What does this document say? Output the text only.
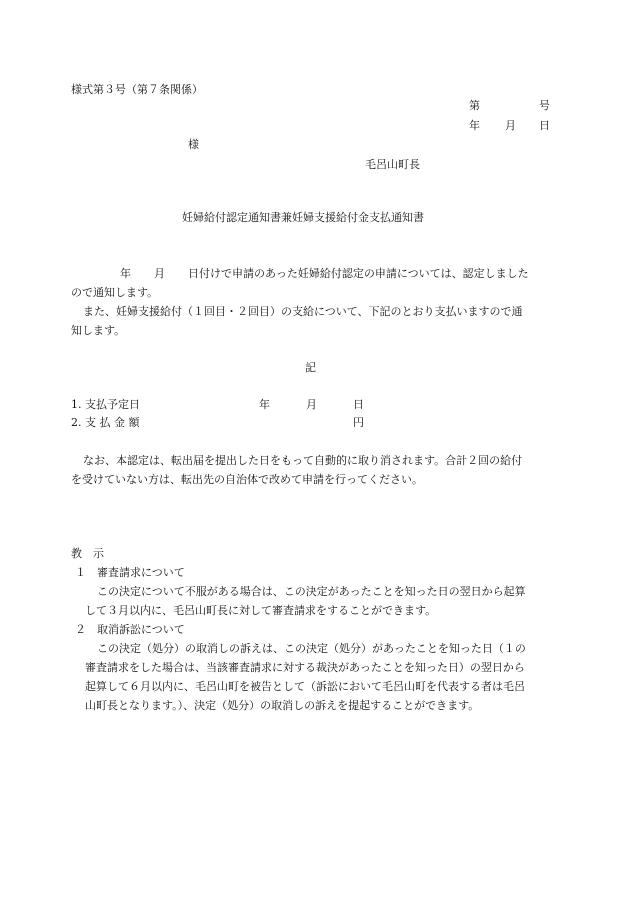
様式第３号（第７条関係）
第	号
年 月 日
様
毛呂山町長
妊婦給付認定通知書兼妊婦支援給付金支払通知書
年 月 日付けで申請のあった妊婦給付認定の申請については、認定しました
ので通知します。
また、妊婦支援給付（１回目・２回目）の支給について、下記のとおり支払いますので通
知します。
記
1. 支払予定日	年	月	日
2. 支 払 金 額	円
なお、本認定は、転出届を提出した日をもって自動的に取り消されます。合計２回の給付
を受けていない方は、転出先の自治体で改めて申請を行ってください。
教　示
１　審査請求について
この決定について不服がある場合は、この決定があったことを知った日の翌日から起算
して３月以内に、毛呂山町長に対して審査請求をすることができます。
２　取消訴訟について
この決定（処分）の取消しの訴えは、この決定（処分）があったことを知った日（１の
審査請求をした場合は、当該審査請求に対する裁決があったことを知った日）の翌日から
起算して６月以内に、毛呂山町を被告として（訴訟において毛呂山町を代表する者は毛呂
山町長となります。）、決定（処分）の取消しの訴えを提起することができます。
